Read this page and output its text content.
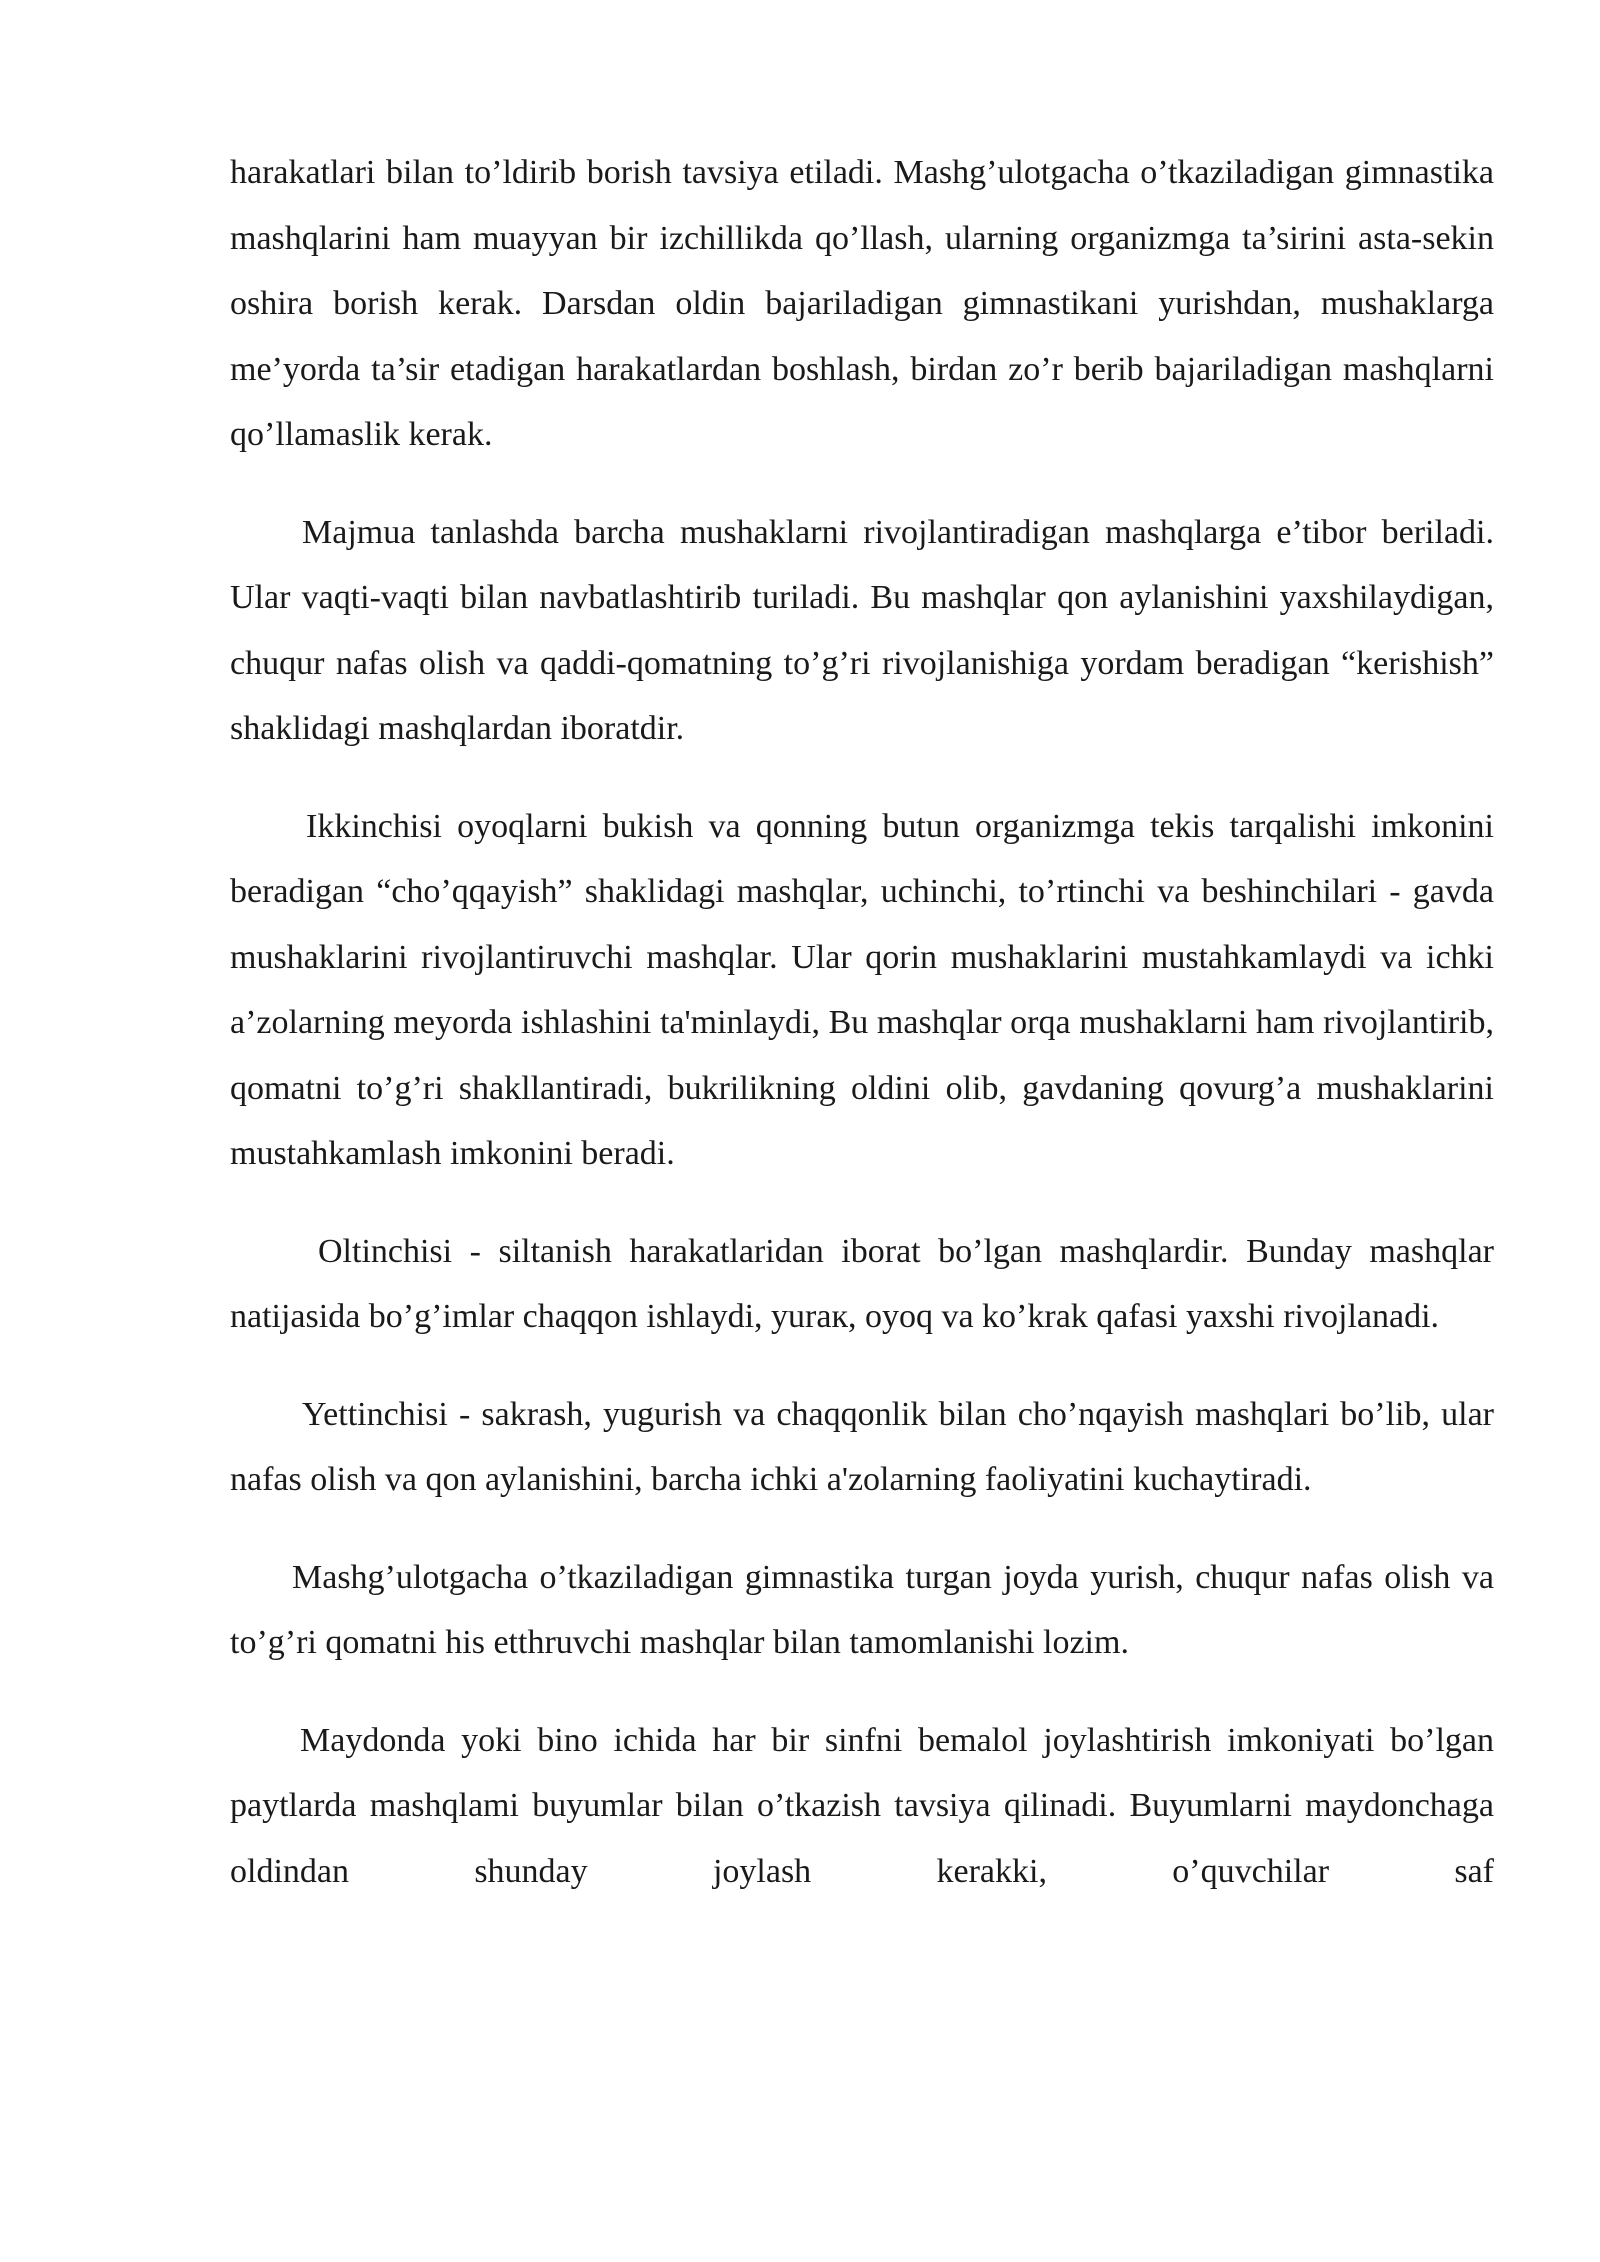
harakatlari bilan to’ldirib borish tavsiya etiladi. Mashg’ulotgacha o’tkaziladigan gimnastika mashqlarini ham muayyan bir izchillikda qo’llash, ularning organizmga ta’sirini asta-sekin oshira borish kerak. Darsdan oldin bajariladigan gimnastikani yurishdan, mushaklarga me’yorda ta’sir etadigan harakatlardan boshlash, birdan zo’r berib bajariladigan mashqlarni qo’llamaslik kerak.

Majmua tanlashda barcha mushaklarni rivojlantiradigan mashqlarga e’tibor beriladi. Ular vaqti-vaqti bilan navbatlashtirib turiladi. Bu mashqlar qon aylanishini yaxshilaydigan, chuqur nafas olish va qaddi-qomatning to’g’ri rivojlanishiga yordam beradigan “kerishish” shaklidagi mashqlardan iboratdir.

Ikkinchisi oyoqlarni bukish va qonning butun organizmga tekis tarqalishi imkonini beradigan “cho’qqayish” shaklidagi mashqlar, uchinchi, to’rtinchi va beshinchilari - gavda mushaklarini rivojlantiruvchi mashqlar. Ular qorin mushaklarini mustahkamlaydi va ichki a’zolarning meyorda ishlashini ta'minlaydi, Bu mashqlar orqa mushaklarni ham rivojlantirib, qomatni to’g’ri shakllantiradi, bukrilikning oldini olib, gavdaning qovurg’a mushaklarini mustahkamlash imkonini beradi.

Oltinchisi - siltanish harakatlaridan iborat bo’lgan mashqlardir. Bunday mashqlar natijasida bo’g’imlar chaqqon ishlaydi, yurак, oyoq va ko’krak qafasi yaxshi rivojlanadi.

Yettinchisi - sakrash, yugurish va chaqqonlik bilan cho’nqayish mashqlari bo’lib, ular nafas olish va qon aylanishini, barcha ichki a'zolarning faoliyatini kuchaytiradi.

Mashg’ulotgacha o’tkaziladigan gimnastika turgan joyda yurish, chuqur nafas olish va to’g’ri qomatni his etthruvchi mashqlar bilan tamomlanishi lozim.

Maydonda yoki bino ichida har bir sinfni bemalol joylashtirish imkoniyati bo’lgan paytlarda mashqlami buyumlar bilan o’tkazish tavsiya qilinadi. Buyumlarni maydonchaga oldindan shunday joylash kerakki, o’quvchilar saf
